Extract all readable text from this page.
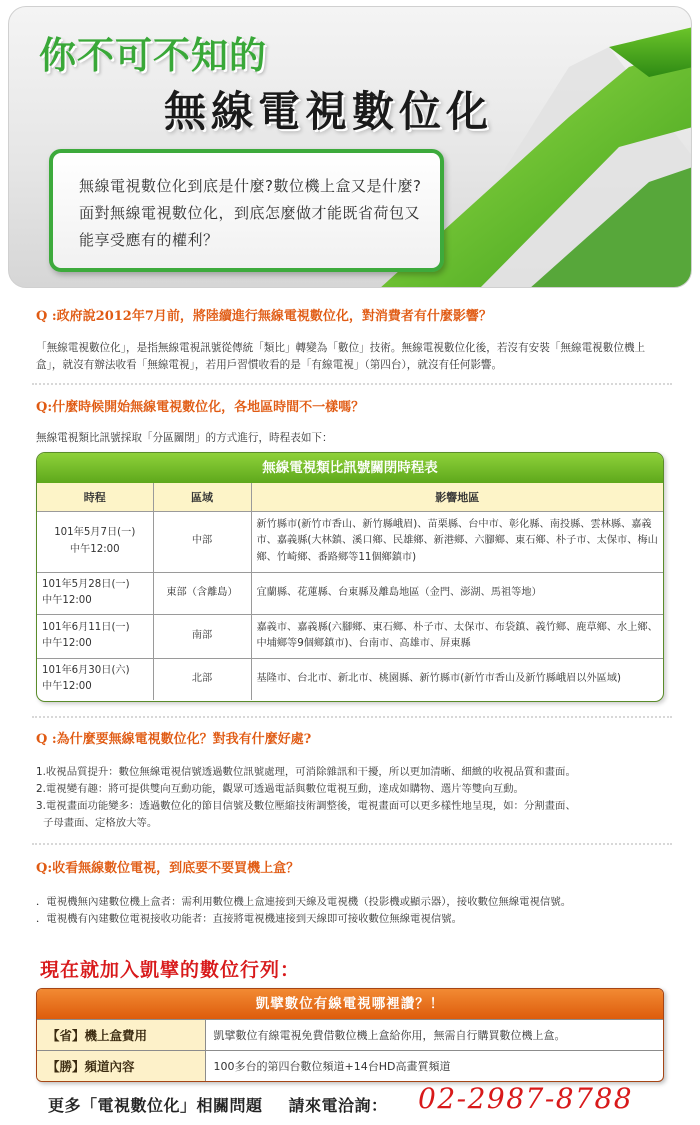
你不可不知的
無線電視數位化
無線電視數位化到底是什麼?數位機上盒又是什麼?面對無線電視數位化，到底怎麼做才能既省荷包又能享受應有的權利？
Q :政府說2012年7月前，將陸續進行無線電視數位化，對消費者有什麼影響？
「無線電視數位化」，是指無線電視訊號從傳統「類比」轉變為「數位」技術。無線電視數位化後，若沒有安裝「無線電視數位機上盒」，就沒有辦法收看「無線電視」，若用戶習慣收看的是「有線電視」（第四台），就沒有任何影響。
Q:什麼時候開始無線電視數位化，各地區時間不一樣嗎？
無線電視類比訊號採取「分區關閉」的方式進行，時程表如下：
無線電視類比訊號關閉時程表
時程	區域	影響地區

101年5月7日(一)
中午12:00	中部	新竹縣市(新竹市香山、新竹縣峨眉)、苗栗縣、台中市、彰化縣、南投縣、雲林縣、嘉義市、嘉義縣(大林鎮、溪口鄉、民雄鄉、新港鄉、六腳鄉、東石鄉、朴子市、太保市、梅山鄉、竹崎鄉、番路鄉等11個鄉鎮市)

101年5月28日(一)
中午12:00	東部（含離島）	宜蘭縣、花蓮縣、台東縣及離島地區（金門、澎湖、馬祖等地）

101年6月11日(一)
中午12:00	南部	嘉義市、嘉義縣(六腳鄉、東石鄉、朴子市、太保市、布袋鎮、義竹鄉、鹿草鄉、水上鄉、中埔鄉等9個鄉鎮市)、台南市、高雄市、屏東縣

101年6月30日(六)
中午12:00	北部	基隆市、台北市、新北市、桃園縣、新竹縣市(新竹市香山及新竹縣峨眉以外區域)
Q :為什麼要無線電視數位化？對我有什麼好處?
1.收視品質提升：數位無線電視信號透過數位訊號處理，可消除雜訊和干擾，所以更加清晰、細緻的收視品質和畫面。
2.電視變有趣：將可提供雙向互動功能，觀眾可透過電話與數位電視互動，達成如購物、選片等雙向互動。
3.電視畫面功能變多：透過數位化的節目信號及數位壓縮技術調整後，電視畫面可以更多樣性地呈現，如：分割畫面、
子母畫面、定格放大等。
Q:收看無線數位電視，到底要不要買機上盒？
．電視機無內建數位機上盒者：需利用數位機上盒連接到天線及電視機（投影機或顯示器），接收數位無線電視信號。
．電視機有內建數位電視接收功能者：直接將電視機連接到天線即可接收數位無線電視信號。
現在就加入凱擘的數位行列：
凱擘數位有線電視哪裡讚？！
【省】機上盒費用	凱擘數位有線電視免費借數位機上盒給你用，無需自行購買數位機上盒。
【勝】頻道內容	100多台的第四台數位頻道+14台HD高畫質頻道
更多「電視數位化」相關問題 請來電洽詢： 02-2987-8788
